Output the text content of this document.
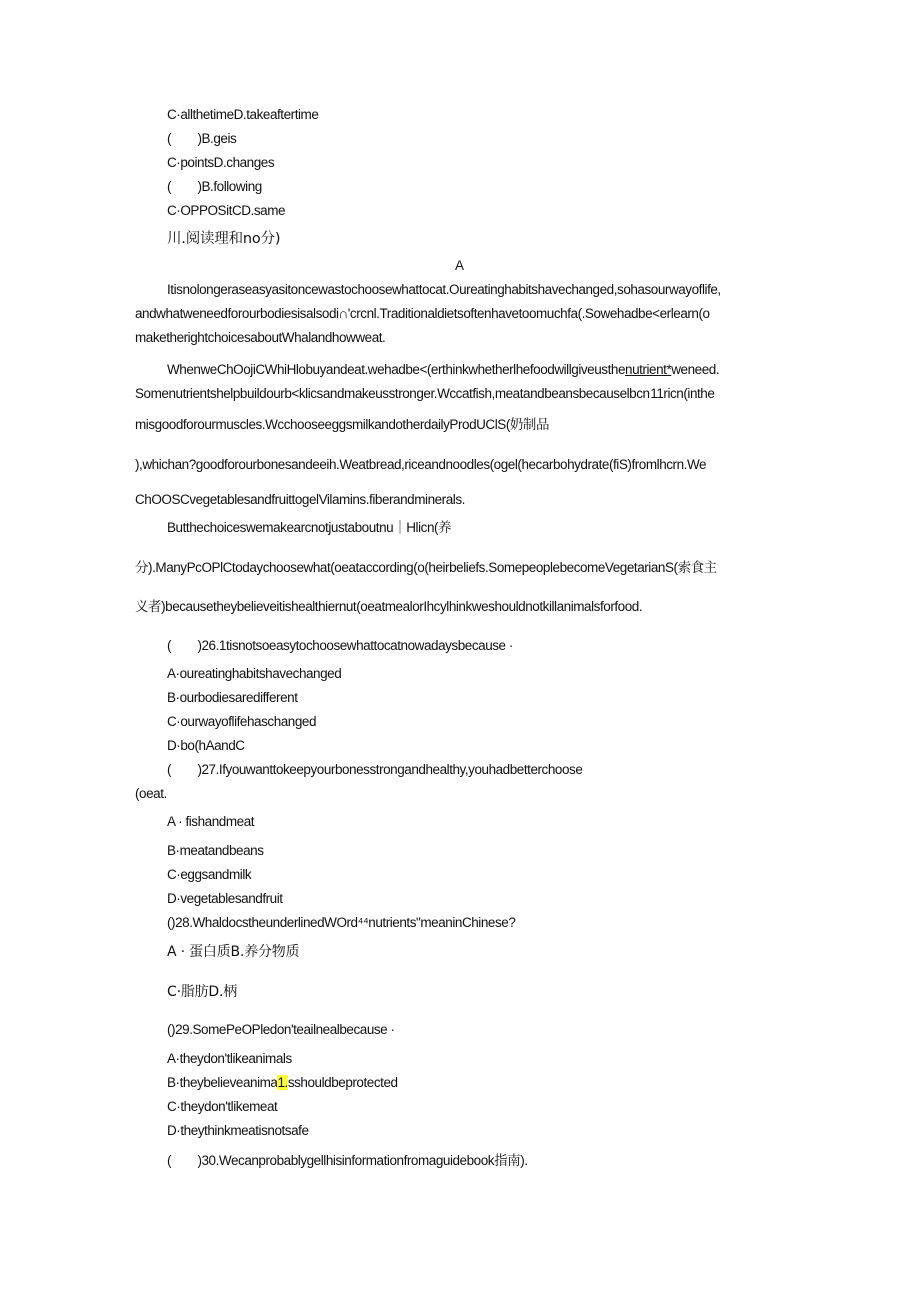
C·allthetimeD.takeaftertime
(        )B.geis
C·pointsD.changes
(        )B.following
C·OPPOSitCD.same
川.阅读理和no分)
A
Itisnolongeraseasyasitoncewastochoosewhattocat.Oureatinghabitshavechanged,sohasourwayoflife,
andwhatweneedforourbodiesisalsodi∩'crcnl.Traditionaldietsoftenhavetoomuchfa(.Sowehadbe<erlearn(o
maketherightchoicesaboutWhalandhowweat.
WhenweChOojiCWhiHlobuyandeat.wehadbe<(erthinkwhetherlhefoodwillgiveusthenutrient*weneed.
Somenutrientshelpbuildourb<klicsandmakeusstronger.Wccatfish,meatandbeansbecauselbcn 11ricn(inthe
misgoodforourmuscles.WcchooseeggsmilkandotherdailyProdUClS(奶制品
),whichan?goodforourbonesandeeih.Weatbread,riceandnoodles(ogel(hecarbohydrate(fiS)fromlhcrn.We
ChOOSCvegetablesandfruittogelVilamins.fiberandminerals.
Butthechoiceswemakearcnotjustaboutnu｜Hlicn(养
分).ManyPcOPlCtodaychoosewhat(oeataccording(o(heirbeliefs.SomepeoplebecomeVegetarianS(索食主
义者)becausetheybelieveitishealthiernut(oeatmealorIhcylhinkweshouldnotkillanimalsforfood.
(        )26.1tisnotsoeasytochoosewhattocatnowadaysbecause ·
A·oureatinghabitshavechanged
B·ourbodiesaredifferent
C·ourwayoflifehaschanged
D·bo(hAandC
(        )27.Ifyouwanttokeepyourbonesstrongandhealthy,youhadbetterchoose
(oeat.
A · fishandmeat
B·meatandbeans
C·eggsandmilk
D·vegetablesandfruit
()28.WhaldocstheunderlinedWOrd⁴⁴nutrients"meaninChinese?
A · 蛋白质B.养分物质
C·脂肪D.柄
()29.SomePeOPledon'teailnealbecause ·
A·theydon'tlikeanimals
B·theybelieveanima1.sshouldbeprotected
C·theydon'tlikemeat
D·theythinkmeatisnotsafe
(        )30.Wecanprobablygellhisinformationfromaguidebook指南).
